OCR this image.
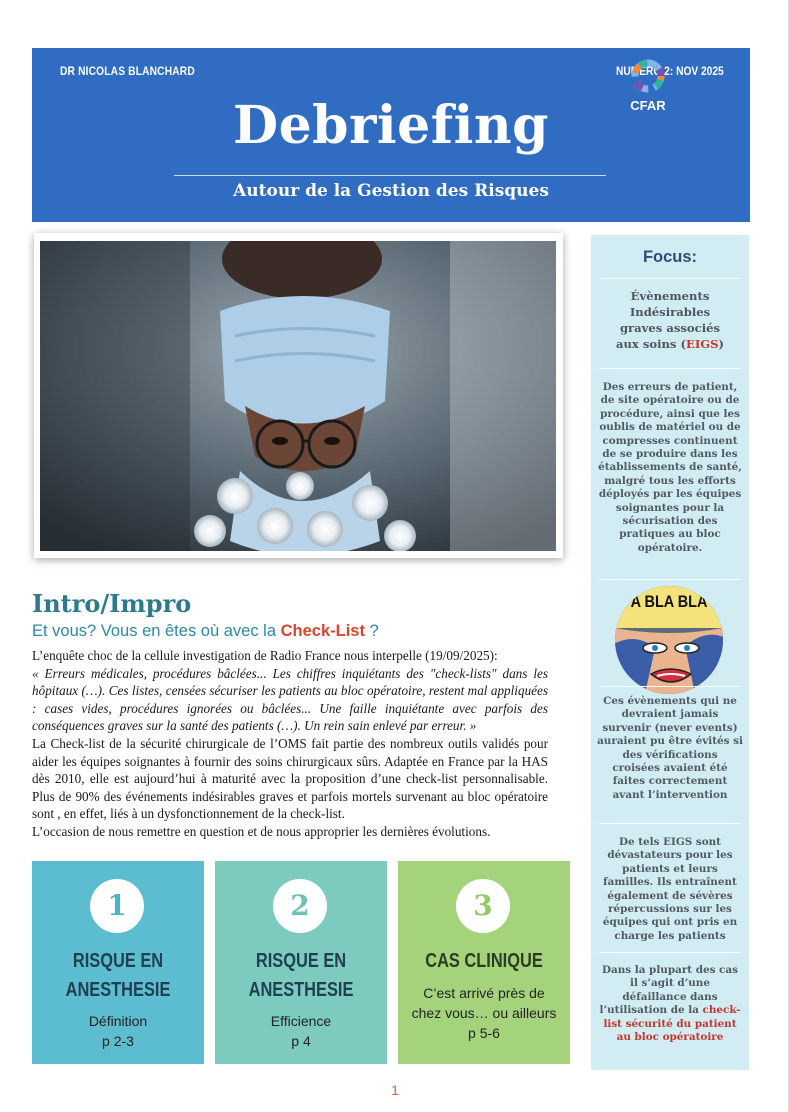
DR NICOLAS BLANCHARD	NUMÉRO 2: NOV 2025
Debriefing
Autour de la Gestion des Risques
CFAR
Intro/Impro
Et vous? Vous en êtes où avec la Check-List ?

L’enquête choc de la cellule investigation de Radio France nous interpelle (19/09/2025):

« Erreurs médicales, procédures bâclées... Les chiffres inquiétants des "check-lists" dans les hôpitaux (…). Ces listes, censées sécuriser les patients au bloc opératoire, restent mal appliquées : cases vides, procédures ignorées ou bâclées... Une faille inquiétante avec parfois des conséquences graves sur la santé des patients (…). Un rein sain enlevé par erreur. »

La Check-list de la sécurité chirurgicale de l’OMS fait partie des nombreux outils validés pour aider les équipes soignantes à fournir des soins chirurgicaux sûrs. Adaptée en France par la HAS dès 2010, elle est aujourd’hui à maturité avec la proposition d’une check-list personnalisable. Plus de 90% des événements indésirables graves et parfois mortels survenant au bloc opératoire sont , en effet, liés à un dysfonctionnement de la check-list.

L’occasion de nous remettre en question et de nous approprier les dernières évolutions.

1
RISQUE EN
ANESTHESIE
Définition
p 2-3
2
RISQUE EN
ANESTHESIE
Efficience
p 4
3
CAS CLINIQUE
C’est arrivé près de
chez vous… ou ailleurs
p 5-6
Focus:
Évènements
Indésirables
graves associés
aux soins (EIGS)
Des erreurs de patient, de site opératoire ou de procédure, ainsi que les oublis de matériel ou de compresses continuent de se produire dans les établissements de santé, malgré tous les efforts déployés par les équipes soignantes pour la sécurisation des pratiques au bloc opératoire.
A BLA BLA
Ces évènements qui ne devraient jamais survenir (never events) auraient pu être évités si des vérifications croisées avaient été faites correctement avant l’intervention
De tels EIGS sont dévastateurs pour les patients et leurs familles. Ils entraînent également de sévères répercussions sur les équipes qui ont pris en charge les patients
Dans la plupart des cas il s’agit d’une défaillance dans l’utilisation de la check-list sécurité du patient au bloc opératoire
1
